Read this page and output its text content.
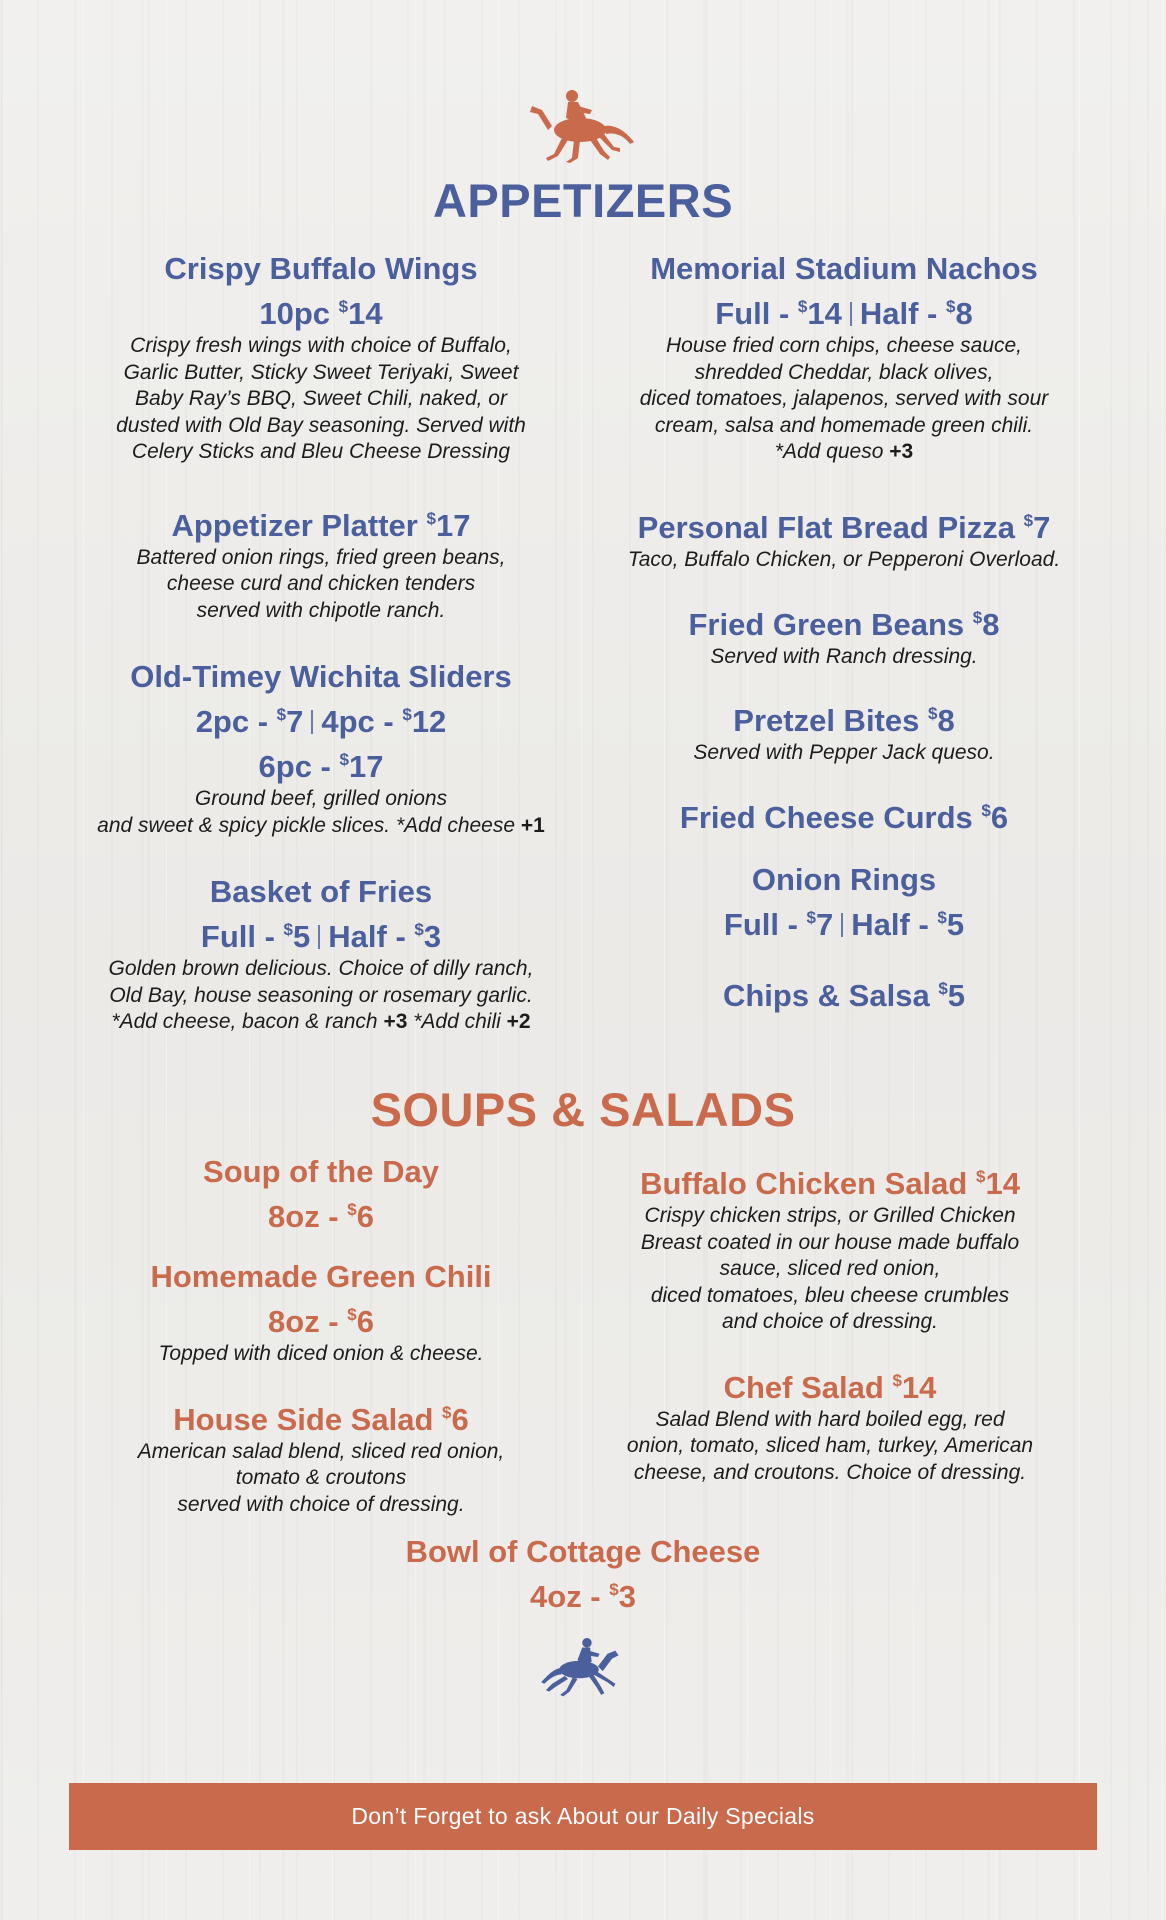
APPETIZERS
Crispy Buffalo Wings
10pc $14
Crispy fresh wings with choice of Buffalo,
Garlic Butter, Sticky Sweet Teriyaki, Sweet
Baby Ray’s BBQ, Sweet Chili, naked, or
dusted with Old Bay seasoning. Served with
Celery Sticks and Bleu Cheese Dressing
Appetizer Platter $17
Battered onion rings, fried green beans,
cheese curd and chicken tenders
served with chipotle ranch.
Old-Timey Wichita Sliders
2pc - $7 4pc - $12
6pc - $17
Ground beef, grilled onions
and sweet & spicy pickle slices. *Add cheese +1
Basket of Fries
Full - $5 Half - $3
Golden brown delicious. Choice of dilly ranch,
Old Bay, house seasoning or rosemary garlic.
*Add cheese, bacon & ranch +3 *Add chili +2
Memorial Stadium Nachos
Full - $14 Half - $8
House fried corn chips, cheese sauce,
shredded Cheddar, black olives,
diced tomatoes, jalapenos, served with sour
cream, salsa and homemade green chili.
*Add queso +3
Personal Flat Bread Pizza $7
Taco, Buffalo Chicken, or Pepperoni Overload.
Fried Green Beans $8
Served with Ranch dressing.
Pretzel Bites $8
Served with Pepper Jack queso.
Fried Cheese Curds $6
Onion Rings
Full - $7 Half - $5
Chips & Salsa $5
SOUPS & SALADS
Soup of the Day
8oz - $6
Homemade Green Chili
8oz - $6
Topped with diced onion & cheese.
House Side Salad $6
American salad blend, sliced red onion,
tomato & croutons
served with choice of dressing.
Buffalo Chicken Salad $14
Crispy chicken strips, or Grilled Chicken
Breast coated in our house made buffalo
sauce, sliced red onion,
diced tomatoes, bleu cheese crumbles
and choice of dressing.
Chef Salad $14
Salad Blend with hard boiled egg, red
onion, tomato, sliced ham, turkey, American
cheese, and croutons. Choice of dressing.
Bowl of Cottage Cheese
4oz - $3
Don’t Forget to ask About our Daily Specials
